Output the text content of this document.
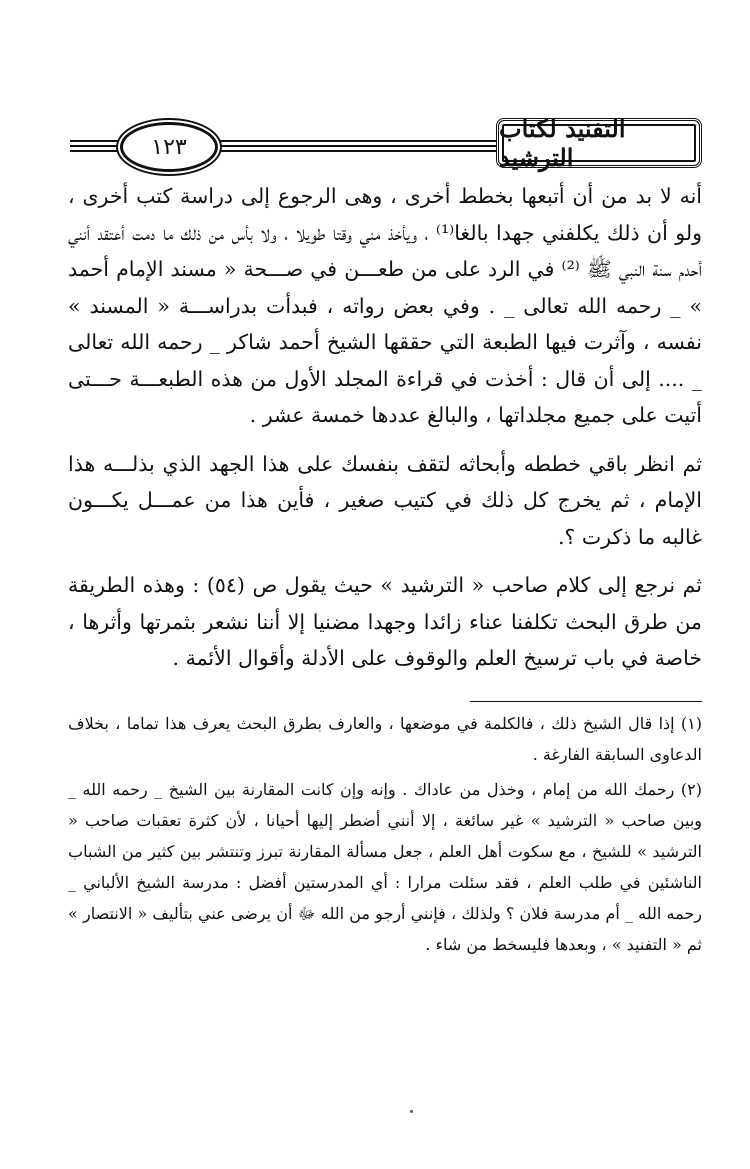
١٢٣
التفنيد لكتاب الترشيد

أنه لا بد من أن أتبعها بخطط أخرى ، وهى الرجوع إلى دراسة كتب أخرى ، ولو أن ذلك يكلفني جهدا بالغا⁽¹⁾ ، ويأخذ مني وقتا طويلا ، ولا بأس من ذلك ما دمت أعتقد أنني أحدم سنة النبي ﷺ ⁽²⁾ في الرد على من طعـــن في صـــحة « مسند الإمام أحمد » _ رحمه الله تعالى _ . وفي بعض رواته ، فبدأت بدراســـة « المسند » نفسه ، وآثرت فيها الطبعة التي حققها الشيخ أحمد شاكر _ رحمه الله تعالى _ .... إلى أن قال : أخذت في قراءة المجلد الأول من هذه الطبعـــة حـــتى أتيت على جميع مجلداتها ، والبالغ عددها خمسة عشر .

ثم انظر باقي خططه وأبحاثه لتقف بنفسك على هذا الجهد الذي بذلـــه هذا الإمام ، ثم يخرج كل ذلك في كتيب صغير ، فأين هذا من عمـــل يكـــون غالبه ما ذكرت ؟.

ثم نرجع إلى كلام صاحب « الترشيد » حيث يقول ص (٥٤) : وهذه الطريقة من طرق البحث تكلفنا عناء زائدا وجهدا مضنيا إلا أننا نشعر بثمرتها وأثرها ، خاصة في باب ترسيخ العلم والوقوف على الأدلة وأقوال الأئمة .

(١) إذا قال الشيخ ذلك ، فالكلمة في موضعها ، والعارف بطرق البحث يعرف هذا تماما ، بخلاف الدعاوى السابقة الفارغة .

(٢) رحمك الله من إمام ، وخذل من عاداك . وإنه وإن كانت المقارنة بين الشيخ _ رحمه الله _ وبين صاحب « الترشيد » غير سائغة ، إلا أنني أضطر إليها أحيانا ، لأن كثرة تعقبات صاحب « الترشيد » للشيخ ، مع سكوت أهل العلم ، جعل مسألة المقارنة تبرز وتنتشر بين كثير من الشباب الناشئين في طلب العلم ، فقد سئلت مرارا : أي المدرستين أفضل : مدرسة الشيخ الألباني _ رحمه الله _ أم مدرسة فلان ؟ ولذلك ، فإنني أرجو من الله ﷻ أن يرضى عني بتأليف « الانتصار » ثم « التفنيد » ، وبعدها فليسخط من شاء .
